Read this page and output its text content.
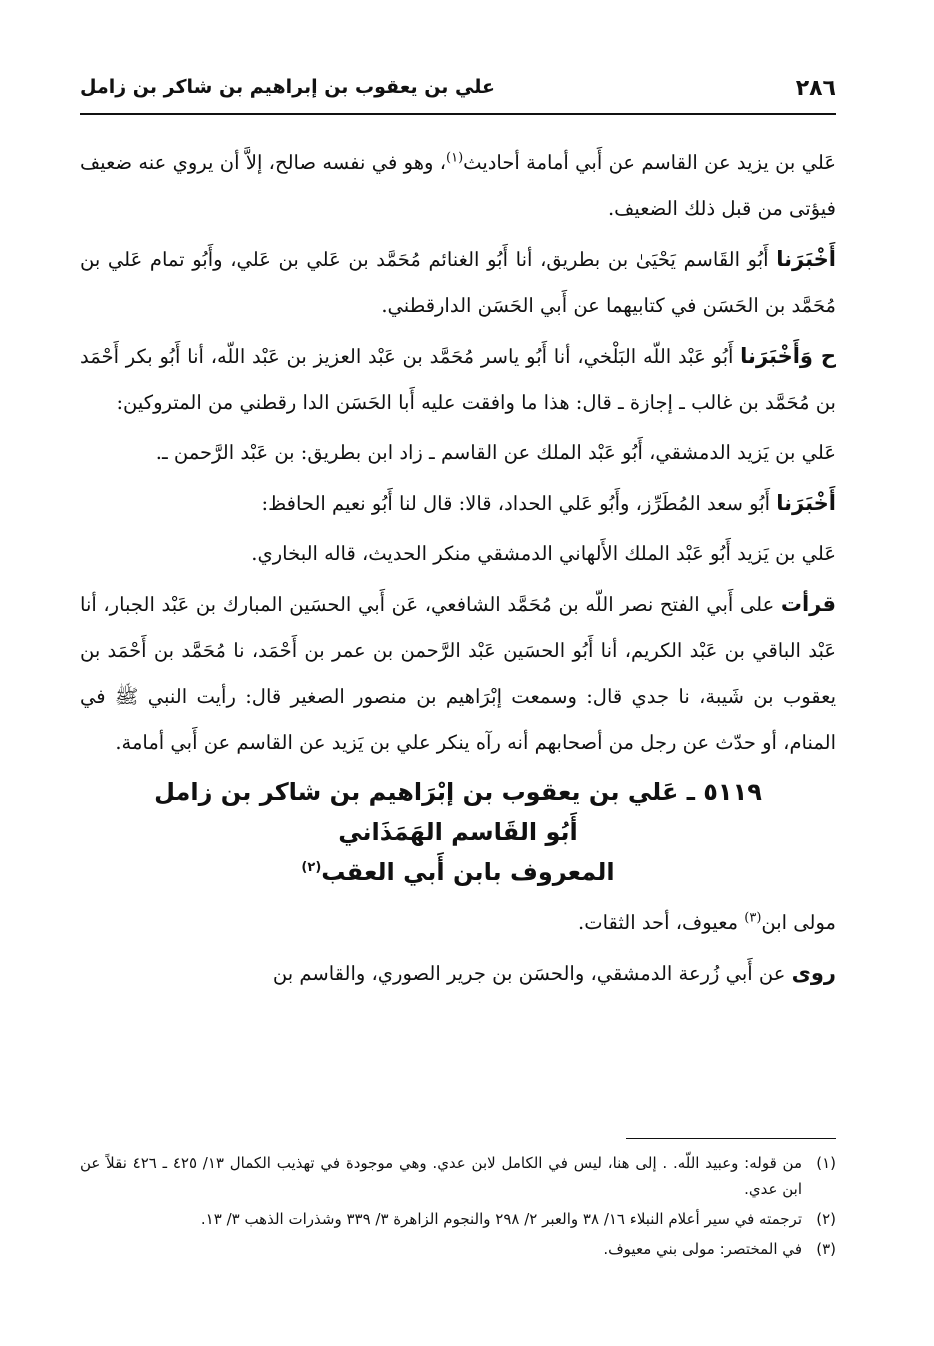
٢٨٦
علي بن يعقوب بن إبراهيم بن شاكر بن زامل

عَلي بن يزيد عن القاسم عن أَبي أمامة أحاديث$^{(١)}$، وهو في نفسه صالح، إلاَّ أن يروي عنه ضعيف فيؤتى من قبل ذلك الضعيف.

أَخْبَرَنا أَبُو القَاسم يَحْيَىٰ بن بطريق، أنا أَبُو الغنائم مُحَمَّد بن عَلي بن عَلي، وأَبُو تمام عَلي بن مُحَمَّد بن الحَسَن في كتابيهما عن أَبي الحَسَن الدارقطني.

ح وَأَخْبَرَنا أَبُو عَبْد اللّه البَلْخي، أنا أَبُو ياسر مُحَمَّد بن عَبْد العزيز بن عَبْد اللّه، أنا أَبُو بكر أَحْمَد بن مُحَمَّد بن غالب ـ إجازة ـ قال: هذا ما وافقت عليه أَبا الحَسَن الدا رقطني من المتروكين:

عَلي بن يَزيد الدمشقي، أَبُو عَبْد الملك عن القاسم ـ زاد ابن بطريق: بن عَبْد الرَّحمن ـ.

أَخْبَرَنا أَبُو سعد المُطَرِّز، وأَبُو عَلي الحداد، قالا: قال لنا أَبُو نعيم الحافظ:

عَلي بن يَزيد أَبُو عَبْد الملك الأَلهاني الدمشقي منكر الحديث، قاله البخاري.

قرأت على أَبي الفتح نصر اللّه بن مُحَمَّد الشافعي، عَن أَبي الحسَين المبارك بن عَبْد الجبار، أنا عَبْد الباقي بن عَبْد الكريم، أنا أَبُو الحسَين عَبْد الرَّحمن بن عمر بن أَحْمَد، نا مُحَمَّد بن أَحْمَد بن يعقوب بن شَيبة، نا جدي قال: وسمعت إبْرَاهيم بن منصور الصغير قال: رأيت النبي ﷺ في المنام، أو حدّث عن رجل من أصحابهم أنه رآه ينكر علي بن يَزيد عن القاسم عن أَبي أمامة.

٥١١٩ ـ عَلي بن يعقوب بن إبْرَاهيم بن شاكر بن زامل
أَبُو القَاسم الهَمَذَاني
المعروف بابن أَبي العقب$^{(٢)}$

مولى ابن$^{(٣)}$ معيوف، أحد الثقات.

روى عن أَبي زُرعة الدمشقي، والحسَن بن جرير الصوري، والقاسم بن

(١)
من قوله: وعبيد اللّه. . إلى هنا، ليس في الكامل لابن عدي. وهي موجودة في تهذيب الكمال ١٣/ ٤٢٥ ـ ٤٢٦ نقلاً عن ابن عدي.
(٢)
ترجمته في سير أعلام النبلاء ١٦/ ٣٨ والعبر ٢/ ٢٩٨ والنجوم الزاهرة ٣/ ٣٣٩ وشذرات الذهب ٣/ ١٣.
(٣)
في المختصر: مولى بني معيوف.
